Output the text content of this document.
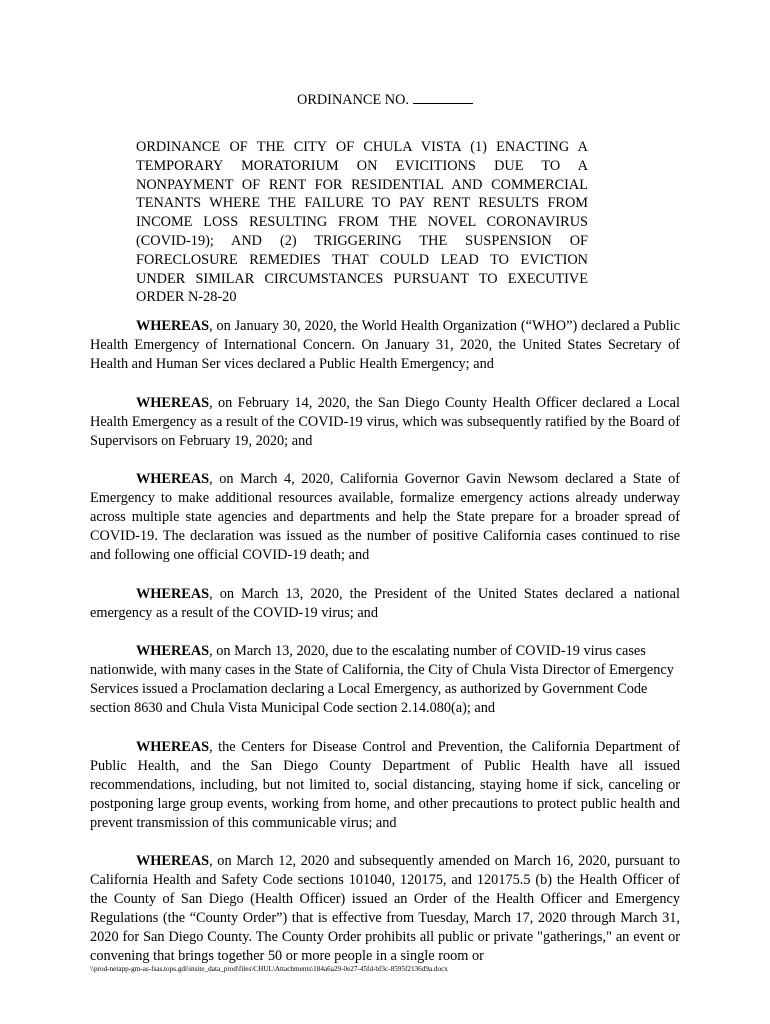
ORDINANCE NO.

ORDINANCE OF THE CITY OF CHULA VISTA (1) ENACTING A TEMPORARY MORATORIUM ON EVICITIONS DUE TO A NONPAYMENT OF RENT FOR RESIDENTIAL AND COMMERCIAL TENANTS WHERE THE FAILURE TO PAY RENT RESULTS FROM INCOME LOSS RESULTING FROM THE NOVEL CORONAVIRUS (COVID-19); AND (2) TRIGGERING THE SUSPENSION OF FORECLOSURE REMEDIES THAT COULD LEAD TO EVICTION UNDER SIMILAR CIRCUMSTANCES PURSUANT TO EXECUTIVE ORDER N-28-20

WHEREAS, on January 30, 2020, the World Health Organization (“WHO”) declared a Public Health Emergency of International Concern. On January 31, 2020, the United States Secretary of Health and Human Ser vices declared a Public Health Emergency; and

WHEREAS, on February 14, 2020, the San Diego County Health Officer declared a Local Health Emergency as a result of the COVID-19 virus, which was subsequently ratified by the Board of Supervisors on February 19, 2020; and

WHEREAS, on March 4, 2020, California Governor Gavin Newsom declared a State of Emergency to make additional resources available, formalize emergency actions already underway across multiple state agencies and departments and help the State prepare for a broader spread of COVID-19. The declaration was issued as the number of positive California cases continued to rise and following one official COVID-19 death; and

WHEREAS, on March 13, 2020, the President of the United States declared a national emergency as a result of the COVID-19 virus; and

WHEREAS, on March 13, 2020, due to the escalating number of COVID-19 virus cases nationwide, with many cases in the State of California, the City of Chula Vista Director of Emergency Services issued a Proclamation declaring a Local Emergency, as authorized by Government Code section 8630 and Chula Vista Municipal Code section 2.14.080(a); and

WHEREAS, the Centers for Disease Control and Prevention, the California Department of Public Health, and the San Diego County Department of Public Health have all issued recommendations, including, but not limited to, social distancing, staying home if sick, canceling or postponing large group events, working from home, and other precautions to protect public health and prevent transmission of this communicable virus; and

WHEREAS, on March 12, 2020 and subsequently amended on March 16, 2020, pursuant to California Health and Safety Code sections 101040, 120175, and 120175.5 (b) the Health Officer of the County of San Diego (Health Officer) issued an Order of the Health Officer and Emergency Regulations (the “County Order”) that is effective from Tuesday, March 17, 2020 through March 31, 2020 for San Diego County. The County Order prohibits all public or private "gatherings," an event or convening that brings together 50 or more people in a single room or

\\prod-netapp-gm-as-fsas.tops.gdi\insite_data_prod\files\CHUL\Attachments\184a6a29-0e27-45fd-bf3c-8595f2136d9a.docx
